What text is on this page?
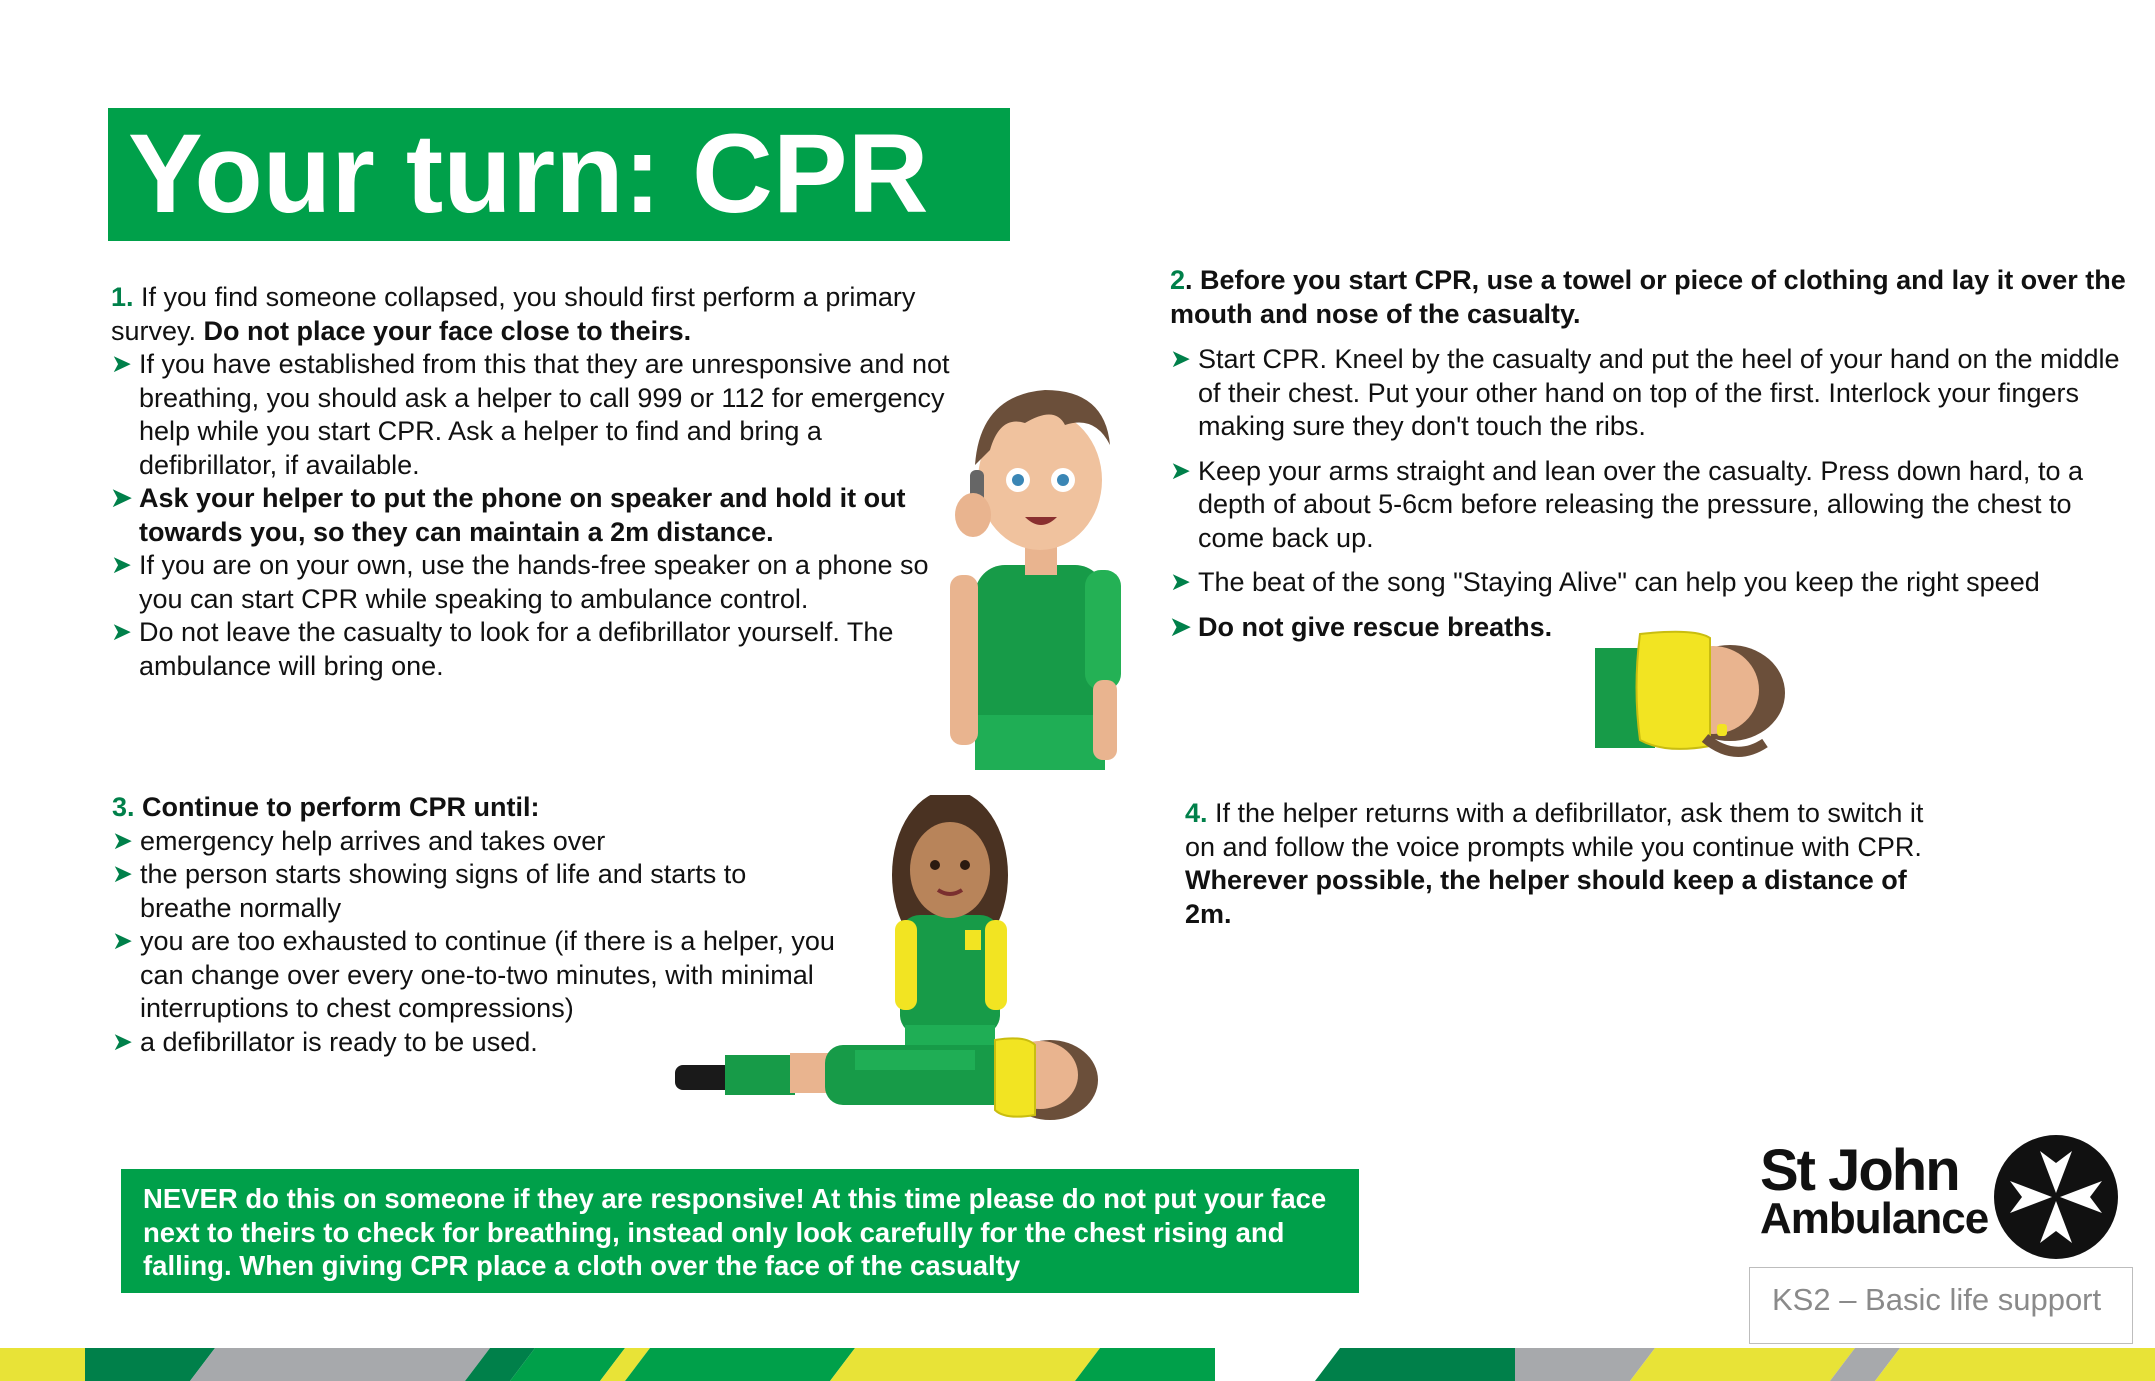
Your turn: CPR
1. If you find someone collapsed, you should first perform a primary survey. Do not place your face close to theirs.
➤ If you have established from this that they are unresponsive and not breathing, you should ask a helper to call 999 or 112 for emergency help while you start CPR. Ask a helper to find and bring a defibrillator, if available.
➤ Ask your helper to put the phone on speaker and hold it out towards you, so they can maintain a 2m distance.
➤ If you are on your own, use the hands-free speaker on a phone so you can start CPR while speaking to ambulance control.
➤ Do not leave the casualty to look for a defibrillator yourself. The ambulance will bring one.
2. Before you start CPR, use a towel or piece of clothing and lay it over the mouth and nose of the casualty.
➤ Start CPR. Kneel by the casualty and put the heel of your hand on the middle of their chest. Put your other hand on top of the first. Interlock your fingers making sure they don't touch the ribs.
➤ Keep your arms straight and lean over the casualty. Press down hard, to a depth of about 5-6cm before releasing the pressure, allowing the chest to come back up.
➤ The beat of the song "Staying Alive" can help you keep the right speed
➤ Do not give rescue breaths.
3. Continue to perform CPR until:
➤ emergency help arrives and takes over
➤ the person starts showing signs of life and starts to breathe normally
➤ you are too exhausted to continue (if there is a helper, you can change over every one-to-two minutes, with minimal interruptions to chest compressions)
➤ a defibrillator is ready to be used.
4. If the helper returns with a defibrillator, ask them to switch it on and follow the voice prompts while you continue with CPR.
Wherever possible, the helper should keep a distance of 2m.
NEVER do this on someone if they are responsive! At this time please do not put your face next to theirs to check for breathing, instead only look carefully for the chest rising and falling. When giving CPR place a cloth over the face of the casualty
St John
Ambulance
KS2 – Basic life support
